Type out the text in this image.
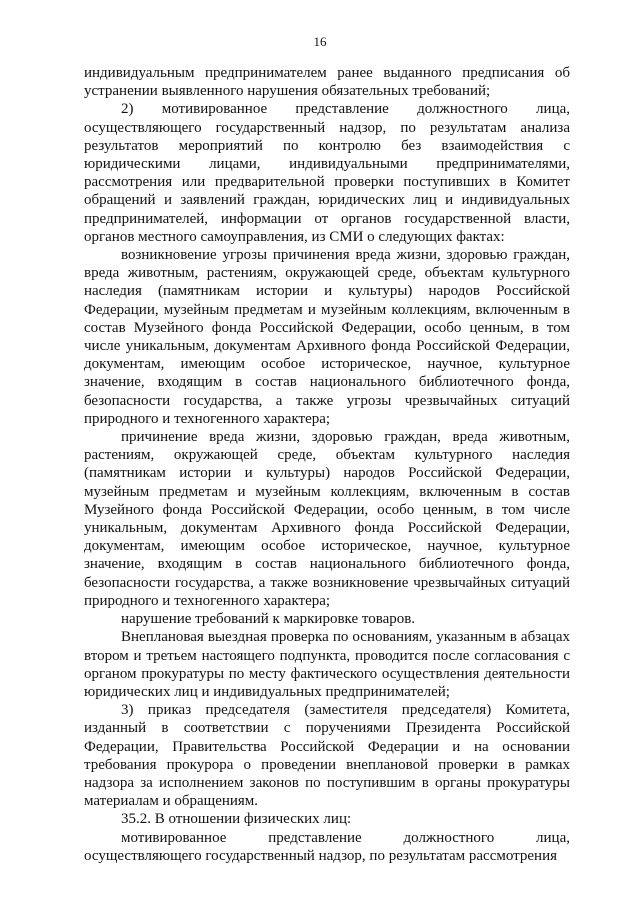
16

индивидуальным предпринимателем ранее выданного предписания об устранении выявленного нарушения обязательных требований;

2) мотивированное представление должностного лица, осуществляющего государственный надзор, по результатам анализа результатов мероприятий по контролю без взаимодействия с юридическими лицами, индивидуальными предпринимателями, рассмотрения или предварительной проверки поступивших в Комитет обращений и заявлений граждан, юридических лиц и индивидуальных предпринимателей, информации от органов государственной власти, органов местного самоуправления, из СМИ о следующих фактах:

возникновение угрозы причинения вреда жизни, здоровью граждан, вреда животным, растениям, окружающей среде, объектам культурного наследия (памятникам истории и культуры) народов Российской Федерации, музейным предметам и музейным коллекциям, включенным в состав Музейного фонда Российской Федерации, особо ценным, в том числе уникальным, документам Архивного фонда Российской Федерации, документам, имеющим особое историческое, научное, культурное значение, входящим в состав национального библиотечного фонда, безопасности государства, а также угрозы чрезвычайных ситуаций природного и техногенного характера;

причинение вреда жизни, здоровью граждан, вреда животным, растениям, окружающей среде, объектам культурного наследия (памятникам истории и культуры) народов Российской Федерации, музейным предметам и музейным коллекциям, включенным в состав Музейного фонда Российской Федерации, особо ценным, в том числе уникальным, документам Архивного фонда Российской Федерации, документам, имеющим особое историческое, научное, культурное значение, входящим в состав национального библиотечного фонда, безопасности государства, а также возникновение чрезвычайных ситуаций природного и техногенного характера;

нарушение требований к маркировке товаров.

Внеплановая выездная проверка по основаниям, указанным в абзацах втором и третьем настоящего подпункта, проводится после согласования с органом прокуратуры по месту фактического осуществления деятельности юридических лиц и индивидуальных предпринимателей;

3) приказ председателя (заместителя председателя) Комитета, изданный в соответствии с поручениями Президента Российской Федерации, Правительства Российской Федерации и на основании требования прокурора о проведении внеплановой проверки в рамках надзора за исполнением законов по поступившим в органы прокуратуры материалам и обращениям.

35.2. В отношении физических лиц:

мотивированное представление должностного лица, осуществляющего государственный надзор, по результатам рассмотрения
